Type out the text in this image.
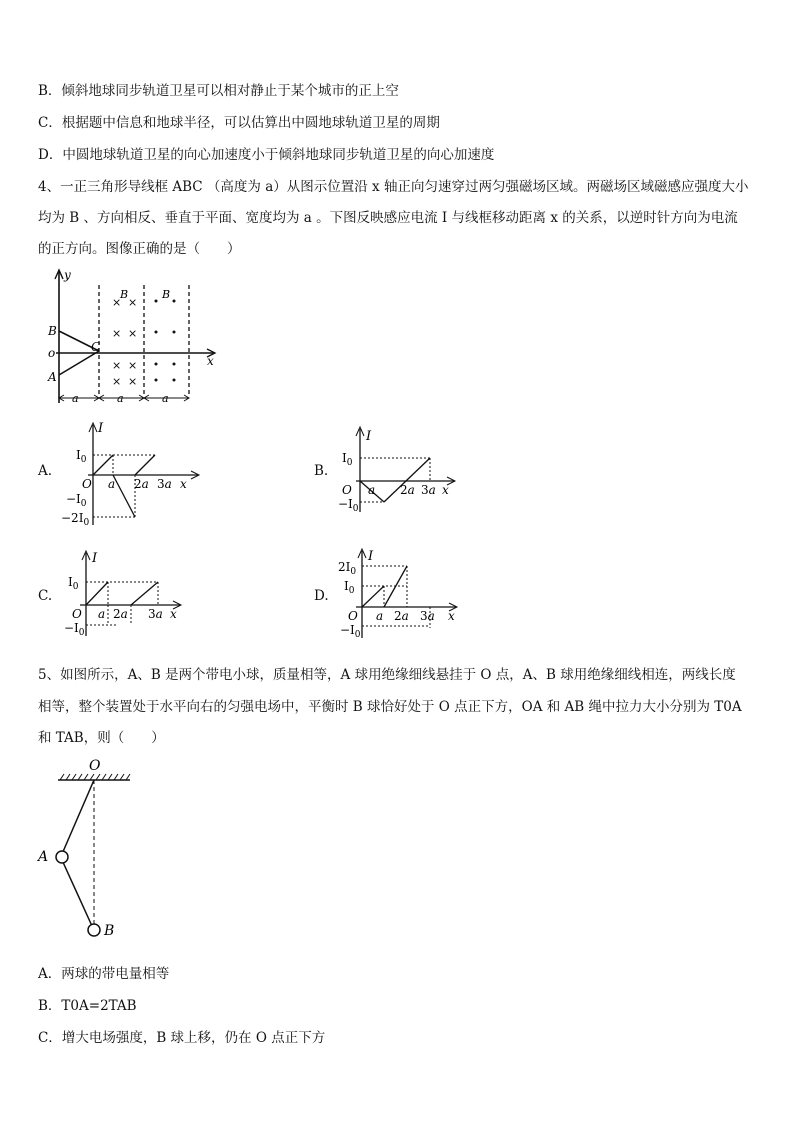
B．倾斜地球同步轨道卫星可以相对静止于某个城市的正上空
C．根据题中信息和地球半径，可以估算出中圆地球轨道卫星的周期
D．中圆地球轨道卫星的向心加速度小于倾斜地球同步轨道卫星的向心加速度
4、一正三角形导线框 ABC （高度为 a）从图示位置沿 x 轴正向匀速穿过两匀强磁场区域。两磁场区域磁感应强度大小
均为 B 、方向相反、垂直于平面、宽度均为 a 。下图反映感应电流 I 与线框移动距离 x 的关系，以逆时针方向为电流
的正方向。图像正确的是（　　）
y
x
B
o
A
C
× ×
× ×
× ×
× ×
B	B
a	a	a
A.
I
$I_0$
O
$-I_0$
$-2I_0$
a 2a 3a x
B.
I
$I_0$
O
$-I_0$
a 2a 3a x
C.
I
$I_0$
O
$-I_0$
a 2a 3a x
D.
I
$2I_0$
$I_0$
O
$-I_0$
a 2a 3a x
5、如图所示，A、B 是两个带电小球，质量相等，A 球用绝缘细线悬挂于 O 点，A、B 球用绝缘细线相连，两线长度
相等，整个装置处于水平向右的匀强电场中，平衡时 B 球恰好处于 O 点正下方，OA 和 AB 绳中拉力大小分别为 T0A
和 TAB，则（　　）
O
A
B
A．两球的带电量相等
B．T0A=2TAB
C．增大电场强度，B 球上移，仍在 O 点正下方
